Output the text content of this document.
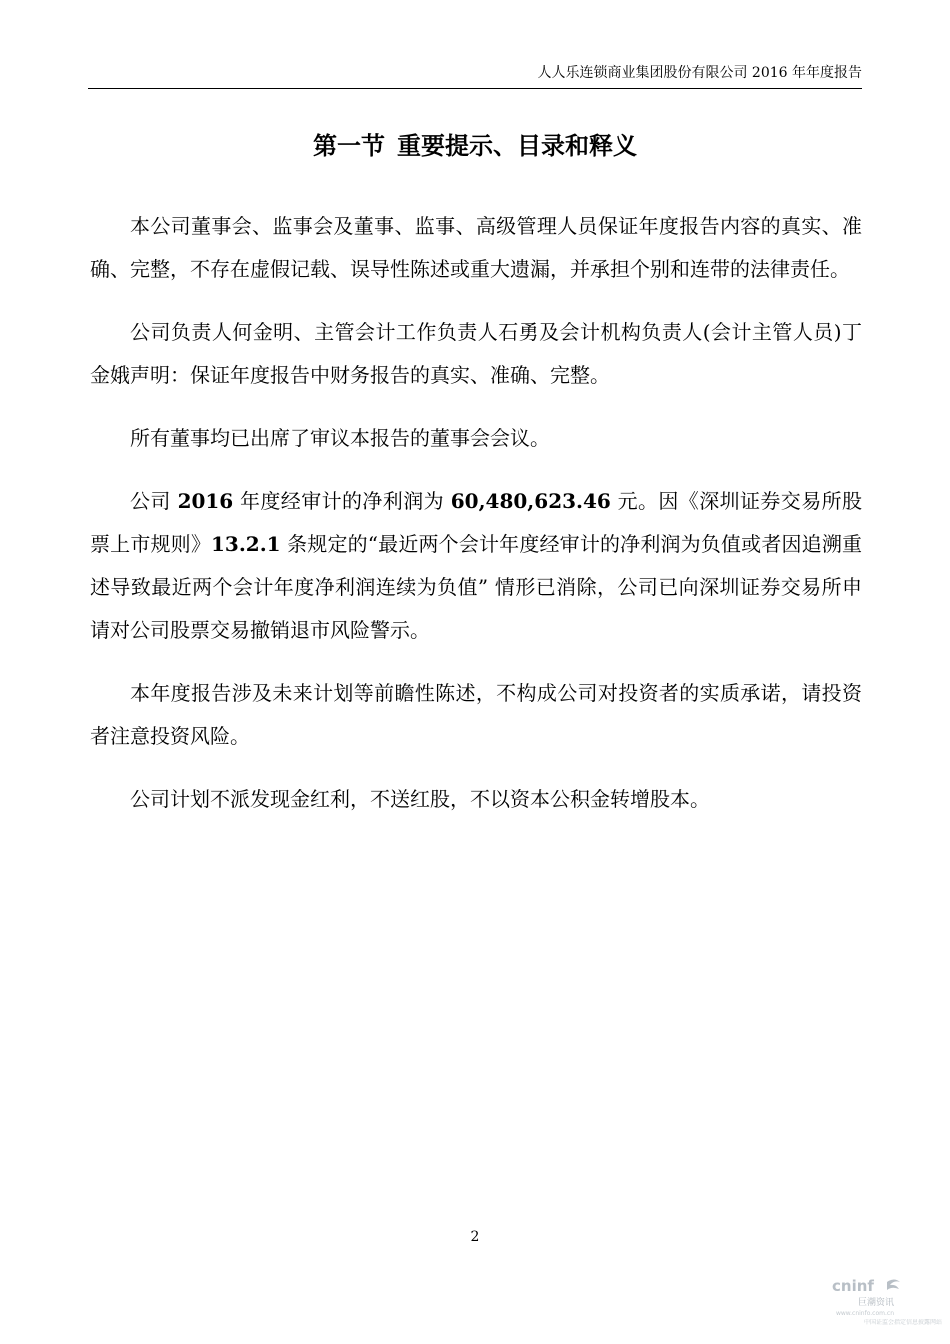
人人乐连锁商业集团股份有限公司 2016 年年度报告
第一节 重要提示、目录和释义

本公司董事会、监事会及董事、监事、高级管理人员保证年度报告内容的真实、准确、完整，不存在虚假记载、误导性陈述或重大遗漏，并承担个别和连带的法律责任。

公司负责人何金明、主管会计工作负责人石勇及会计机构负责人(会计主管人员)丁金娥声明：保证年度报告中财务报告的真实、准确、完整。

所有董事均已出席了审议本报告的董事会会议。

公司 2016 年度经审计的净利润为 60,480,623.46 元。因《深圳证券交易所股票上市规则》13.2.1 条规定的“最近两个会计年度经审计的净利润为负值或者因追溯重述导致最近两个会计年度净利润连续为负值” 情形已消除，公司已向深圳证券交易所申请对公司股票交易撤销退市风险警示。

本年度报告涉及未来计划等前瞻性陈述，不构成公司对投资者的实质承诺，请投资者注意投资风险。

公司计划不派发现金红利，不送红股，不以资本公积金转增股本。

2
cninf
巨潮资讯
www.cninfo.com.cn
中国证监会指定信息披露网站
